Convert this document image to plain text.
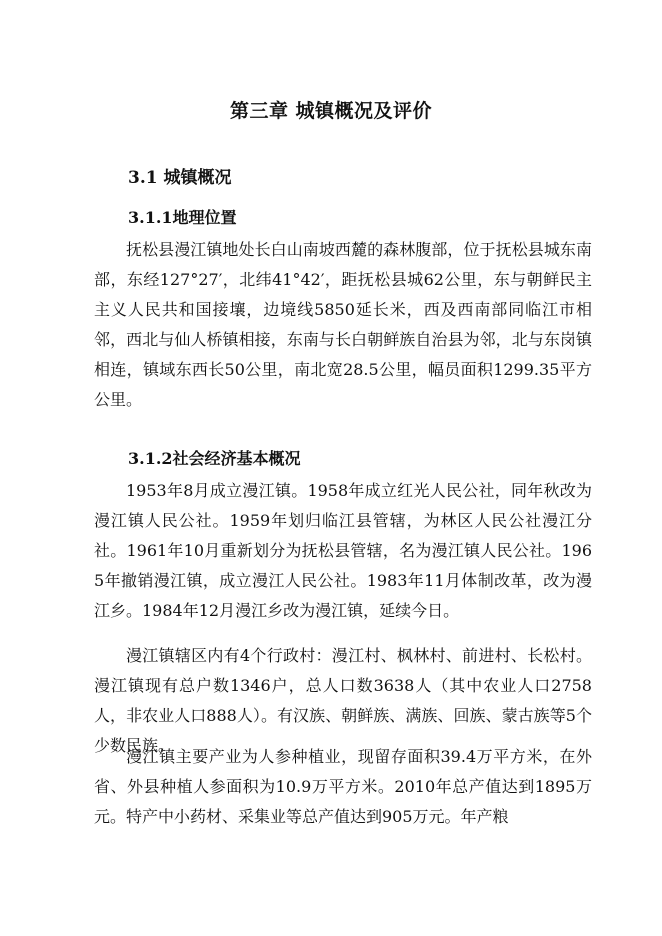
第三章 城镇概况及评价
3.1 城镇概况
3.1.1地理位置

抚松县漫江镇地处长白山南坡西麓的森林腹部，位于抚松县城东南部，东经127°27′，北纬41°42′，距抚松县城62公里，东与朝鲜民主主义人民共和国接壤，边境线5850延长米，西及西南部同临江市相邻，西北与仙人桥镇相接，东南与长白朝鲜族自治县为邻，北与东岗镇相连，镇域东西长50公里，南北宽28.5公里，幅员面积1299.35平方公里。

3.1.2社会经济基本概况

1953年8月成立漫江镇。1958年成立红光人民公社，同年秋改为漫江镇人民公社。1959年划归临江县管辖，为林区人民公社漫江分社。1961年10月重新划分为抚松县管辖，名为漫江镇人民公社。1965年撤销漫江镇，成立漫江人民公社。1983年11月体制改革，改为漫江乡。1984年12月漫江乡改为漫江镇，延续今日。

漫江镇辖区内有4个行政村：漫江村、枫林村、前进村、长松村。漫江镇现有总户数1346户，总人口数3638人（其中农业人口2758人，非农业人口888人）。有汉族、朝鲜族、满族、回族、蒙古族等5个少数民族。

漫江镇主要产业为人参种植业，现留存面积39.4万平方米，在外省、外县种植人参面积为10.9万平方米。2010年总产值达到1895万元。特产中小药材、采集业等总产值达到905万元。年产粮
